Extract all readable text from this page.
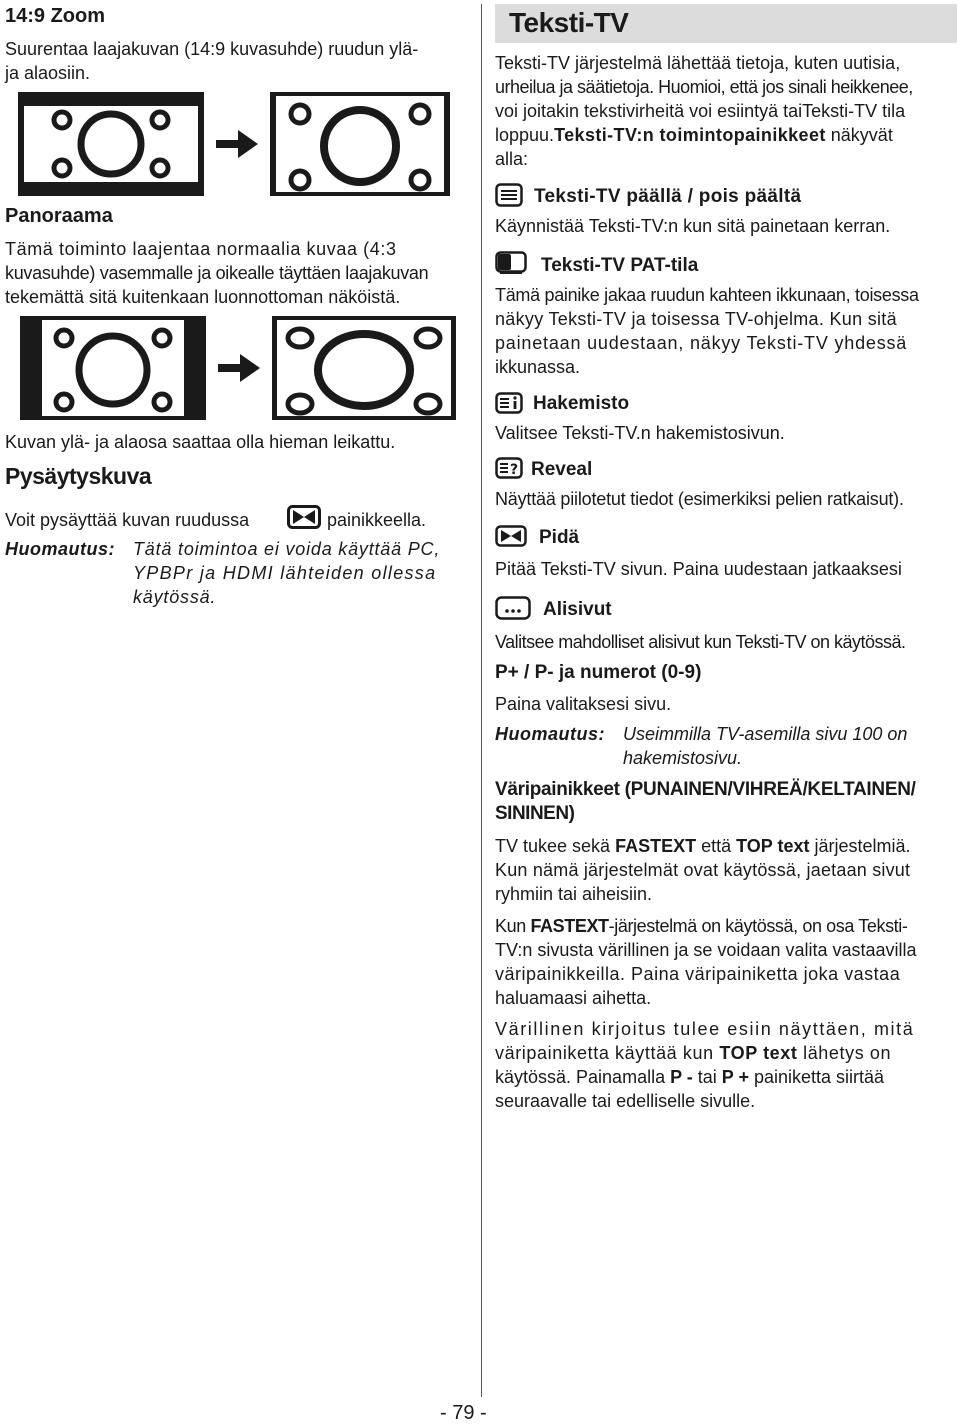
14:9 Zoom
Suurentaa laajakuvan (14:9 kuvasuhde) ruudun ylä-
ja alaosiin.
Panoraama
Tämä toiminto laajentaa normaalia kuvaa (4:3
kuvasuhde) vasemmalle ja oikealle täyttäen laajakuvan
tekemättä sitä kuitenkaan luonnottoman näköistä.
Kuvan ylä- ja alaosa saattaa olla hieman leikattu.
Pysäytyskuva
Voit pysäyttää kuvan ruudussa	painikkeella.
Huomautus: Tätä toimintoa ei voida käyttää PC,
YPBPr ja HDMI lähteiden ollessa
käytössä.
Teksti-TV
Teksti-TV järjestelmä lähettää tietoja, kuten uutisia,
urheilua ja säätietoja. Huomioi, että jos sinali heikkenee,
voi joitakin tekstivirheitä voi esiintyä taiTeksti-TV tila
loppuu.Teksti-TV:n toimintopainikkeet näkyvät
alla:
Teksti-TV päällä / pois päältä
Käynnistää Teksti-TV:n kun sitä painetaan kerran.
Teksti-TV PAT-tila
Tämä painike jakaa ruudun kahteen ikkunaan, toisessa
näkyy Teksti-TV ja toisessa TV-ohjelma. Kun sitä
painetaan uudestaan, näkyy Teksti-TV yhdessä
ikkunassa.
Hakemisto
Valitsee Teksti-TV.n hakemistosivun.
? Reveal
Näyttää piilotetut tiedot (esimerkiksi pelien ratkaisut).
Pidä
Pitää Teksti-TV sivun. Paina uudestaan jatkaaksesi
Alisivut
Valitsee mahdolliset alisivut kun Teksti-TV on käytössä.
P+ / P- ja numerot (0-9)
Paina valitaksesi sivu.
Huomautus: Useimmilla TV-asemilla sivu 100 on
hakemistosivu.
Väripainikkeet (PUNAINEN/VIHREÄ/KELTAINEN/
SININEN)
TV tukee sekä FASTEXT että TOP text järjestelmiä.
Kun nämä järjestelmät ovat käytössä, jaetaan sivut
ryhmiin tai aiheisiin.
Kun FASTEXT-järjestelmä on käytössä, on osa Teksti-
TV:n sivusta värillinen ja se voidaan valita vastaavilla
väripainikkeilla. Paina väripainiketta joka vastaa
haluamaasi aihetta.
Värillinen kirjoitus tulee esiin näyttäen, mitä
väripainiketta käyttää kun TOP text lähetys on
käytössä. Painamalla P - tai P + painiketta siirtää
seuraavalle tai edelliselle sivulle.
- 79 -
